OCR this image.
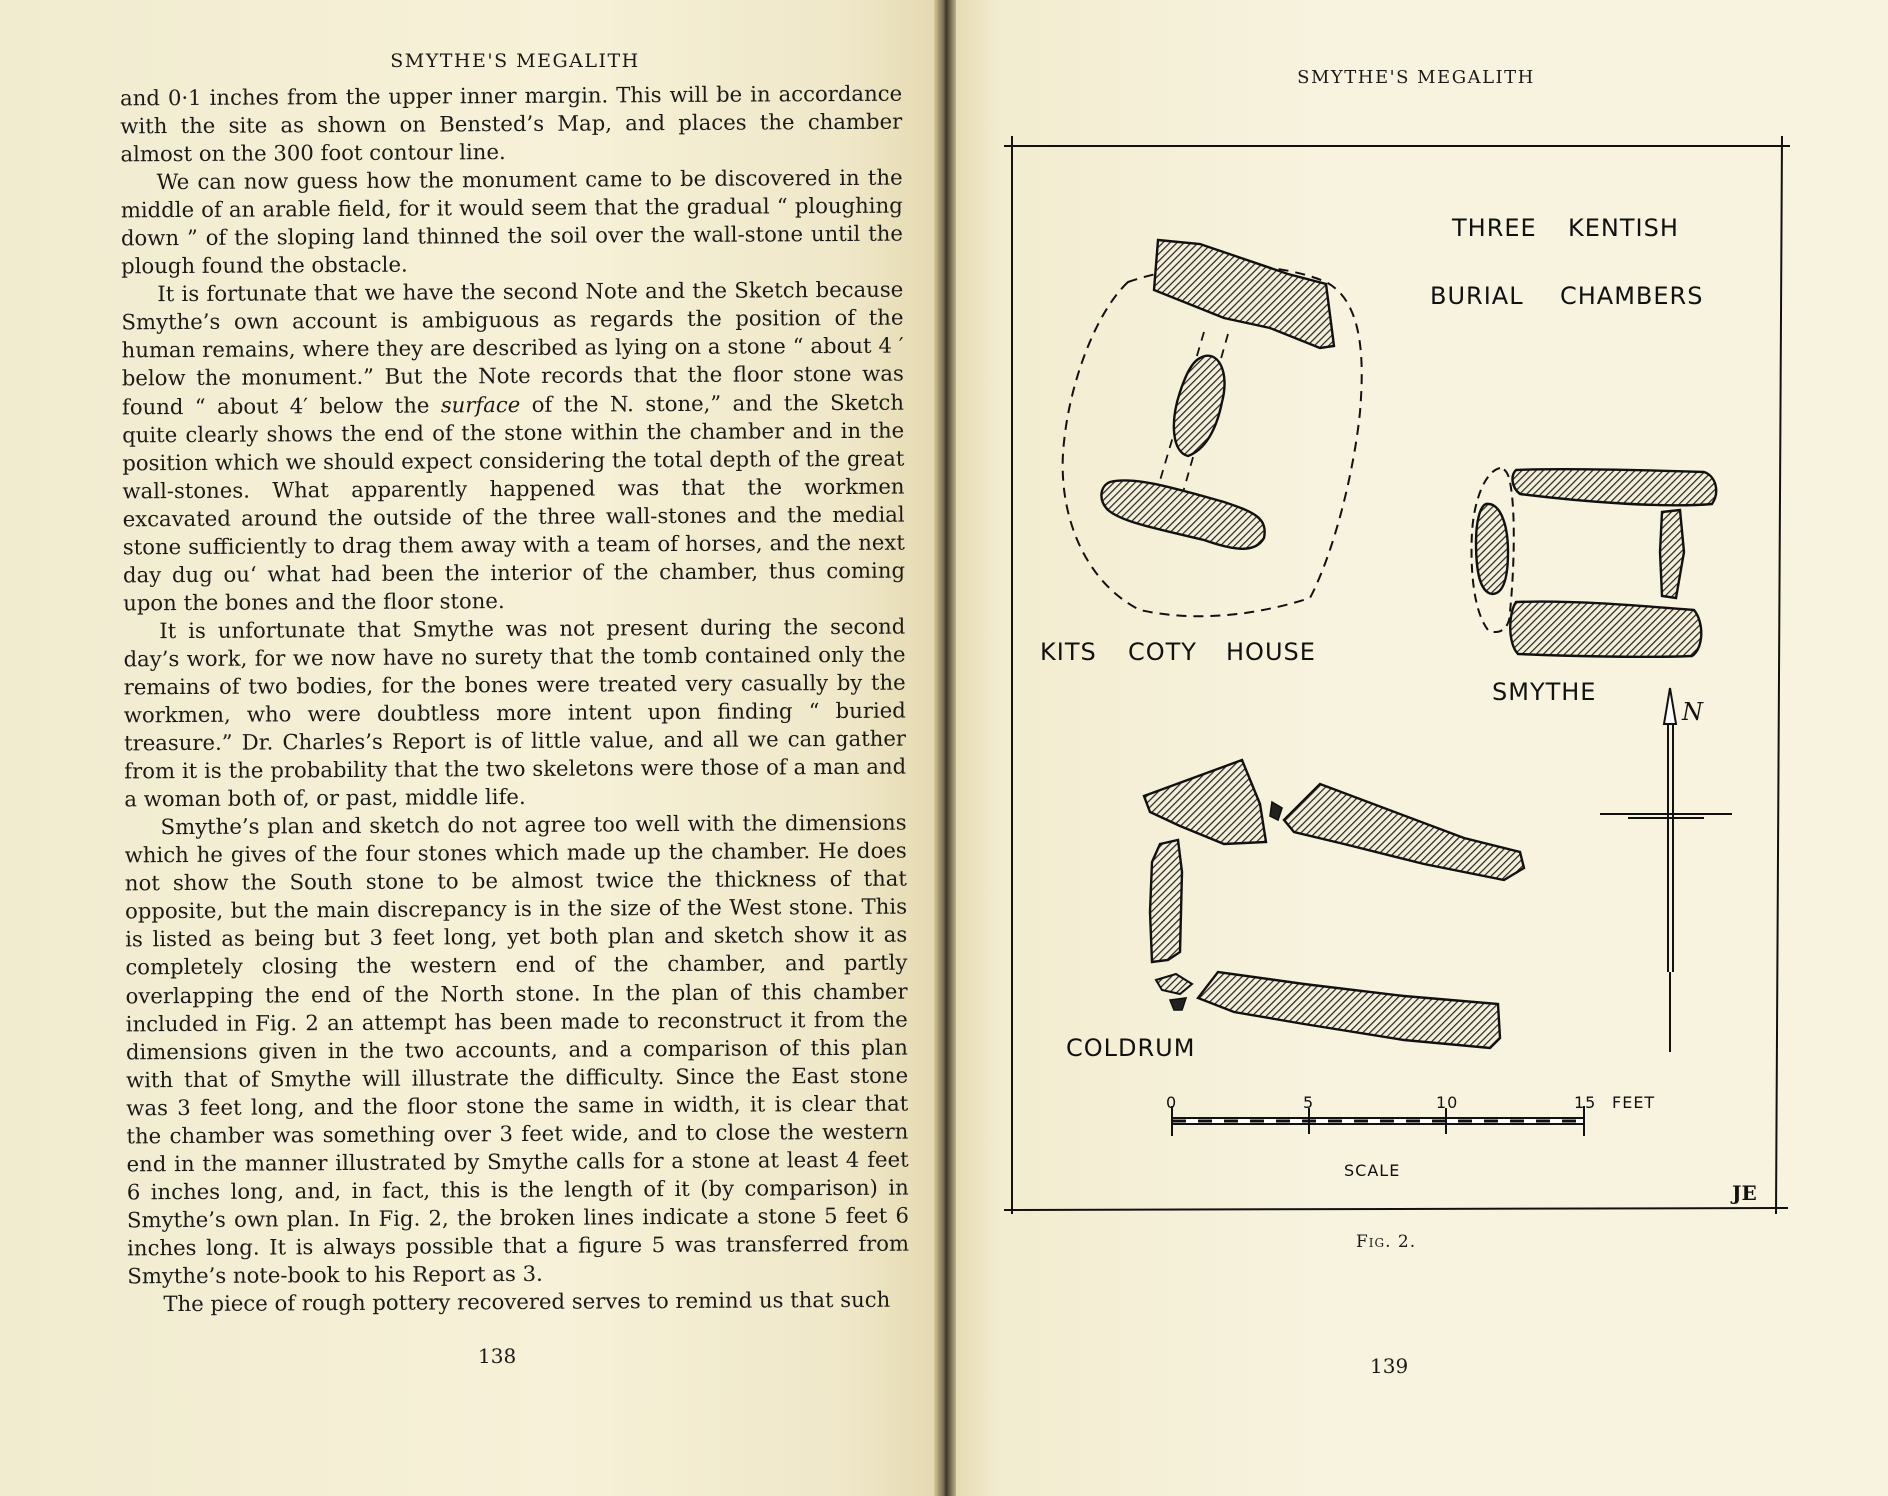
SMYTHE'S MEGALITH

and 0·1 inches from the upper inner margin. This will be in accordance with the site as shown on Bensted’s Map, and places the chamber almost on the 300 foot contour line.

We can now guess how the monument came to be discovered in the middle of an arable field, for it would seem that the gradual “ ploughing down ” of the sloping land thinned the soil over the wall-stone until the plough found the obstacle.

It is fortunate that we have the second Note and the Sketch because Smythe’s own account is ambiguous as regards the position of the human remains, where they are described as lying on a stone “ about 4 ′ below the monument.” But the Note records that the floor stone was found “ about 4′ below the surface of the N. stone,” and the Sketch quite clearly shows the end of the stone within the chamber and in the position which we should expect considering the total depth of the great wall-stones. What apparently happened was that the workmen excavated around the outside of the three wall-stones and the medial stone sufficiently to drag them away with a team of horses, and the next day dug ouʻ what had been the interior of the chamber, thus coming upon the bones and the floor stone.

It is unfortunate that Smythe was not present during the second day’s work, for we now have no surety that the tomb contained only the remains of two bodies, for the bones were treated very casually by the workmen, who were doubtless more intent upon finding “ buried treasure.” Dr. Charles’s Report is of little value, and all we can gather from it is the probability that the two skeletons were those of a man and a woman both of, or past, middle life.

Smythe’s plan and sketch do not agree too well with the dimensions which he gives of the four stones which made up the chamber. He does not show the South stone to be almost twice the thickness of that opposite, but the main discrepancy is in the size of the West stone. This is listed as being but 3 feet long, yet both plan and sketch show it as completely closing the western end of the chamber, and partly overlapping the end of the North stone. In the plan of this chamber included in Fig. 2 an attempt has been made to reconstruct it from the dimensions given in the two accounts, and a comparison of this plan with that of Smythe will illustrate the difficulty. Since the East stone was 3 feet long, and the floor stone the same in width, it is clear that the chamber was something over 3 feet wide, and to close the western end in the manner illustrated by Smythe calls for a stone at least 4 feet 6 inches long, and, in fact, this is the length of it (by comparison) in Smythe’s own plan. In Fig. 2, the broken lines indicate a stone 5 feet 6 inches long. It is always possible that a figure 5 was transferred from Smythe’s note-book to his Report as 3.

The piece of rough pottery recovered serves to remind us that such

138
SMYTHE'S MEGALITH
Fig. 2.
139
THREE KENTISH
BURIAL CHAMBERS
KITS COTY HOUSE
SMYTHE
N
COLDRUM
0	5	10	15 FEET
SCALE
JE
